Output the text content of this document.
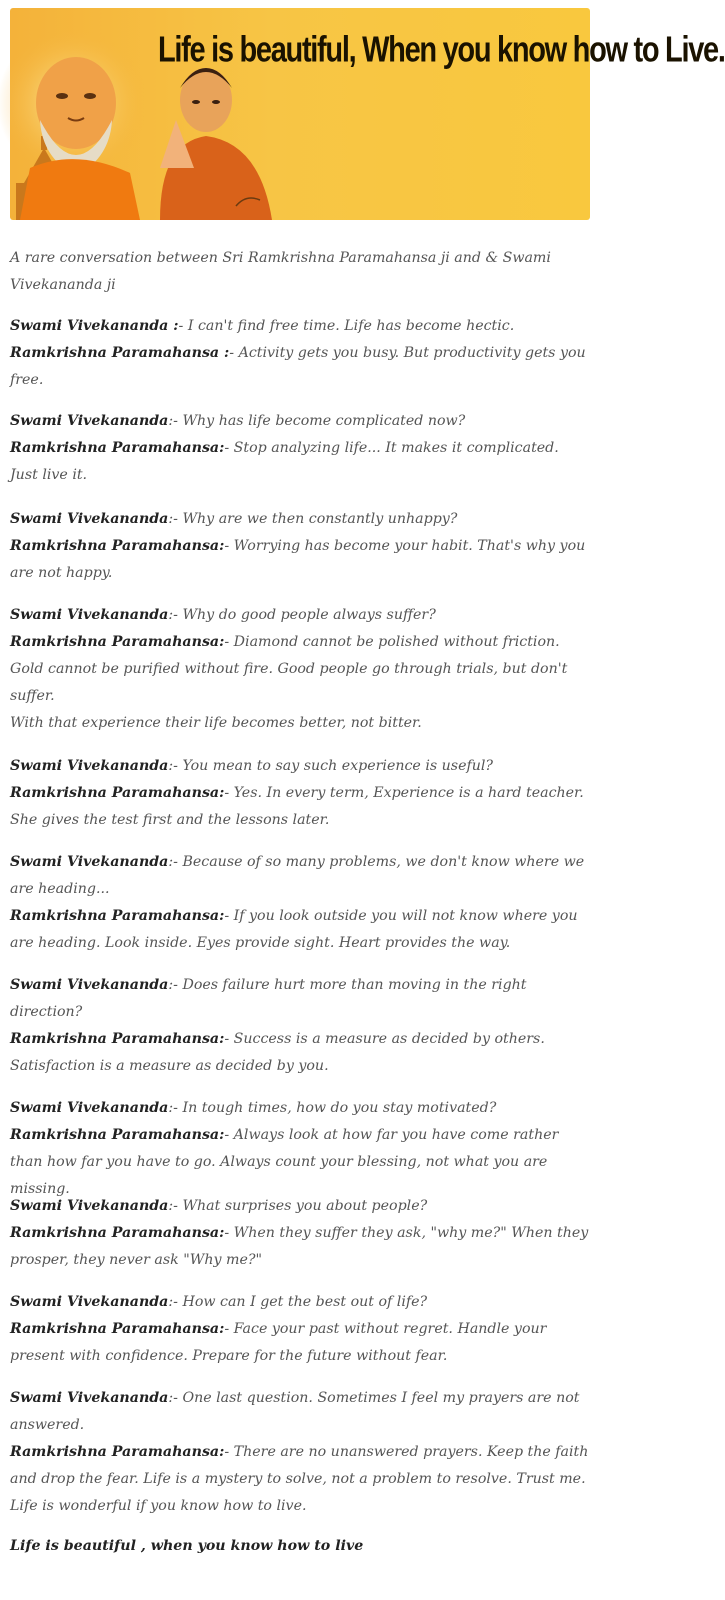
Life is beautiful, When you know how to Live.
A rare conversation between Sri Ramkrishna Paramahansa ji and & Swami Vivekananda ji

Swami Vivekananda :- I can't find free time. Life has become hectic.

Ramkrishna Paramahansa :- Activity gets you busy. But productivity gets you free.

Swami Vivekananda:- Why has life become complicated now?

Ramkrishna Paramahansa:- Stop analyzing life... It makes it complicated. Just live it.

Swami Vivekananda:- Why are we then constantly unhappy?

Ramkrishna Paramahansa:- Worrying has become your habit. That's why you are not happy.

Swami Vivekananda:- Why do good people always suffer?

Ramkrishna Paramahansa:- Diamond cannot be polished without friction. Gold cannot be purified without fire. Good people go through trials, but don't suffer.

With that experience their life becomes better, not bitter.

Swami Vivekananda:- You mean to say such experience is useful?

Ramkrishna Paramahansa:- Yes. In every term, Experience is a hard teacher. She gives the test first and the lessons later.

Swami Vivekananda:- Because of so many problems, we don't know where we are heading...

Ramkrishna Paramahansa:- If you look outside you will not know where you are heading. Look inside. Eyes provide sight. Heart provides the way.

Swami Vivekananda:- Does failure hurt more than moving in the right direction?

Ramkrishna Paramahansa:- Success is a measure as decided by others. Satisfaction is a measure as decided by you.

Swami Vivekananda:- In tough times, how do you stay motivated?

Ramkrishna Paramahansa:- Always look at how far you have come rather than how far you have to go. Always count your blessing, not what you are missing.

Swami Vivekananda:- What surprises you about people?

Ramkrishna Paramahansa:- When they suffer they ask, "why me?" When they prosper, they never ask "Why me?"

Swami Vivekananda:- How can I get the best out of life?

Ramkrishna Paramahansa:- Face your past without regret. Handle your present with confidence. Prepare for the future without fear.

Swami Vivekananda:- One last question. Sometimes I feel my prayers are not answered.

Ramkrishna Paramahansa:- There are no unanswered prayers. Keep the faith and drop the fear. Life is a mystery to solve, not a problem to resolve. Trust me. Life is wonderful if you know how to live.

Life is beautiful , when you know how to live
